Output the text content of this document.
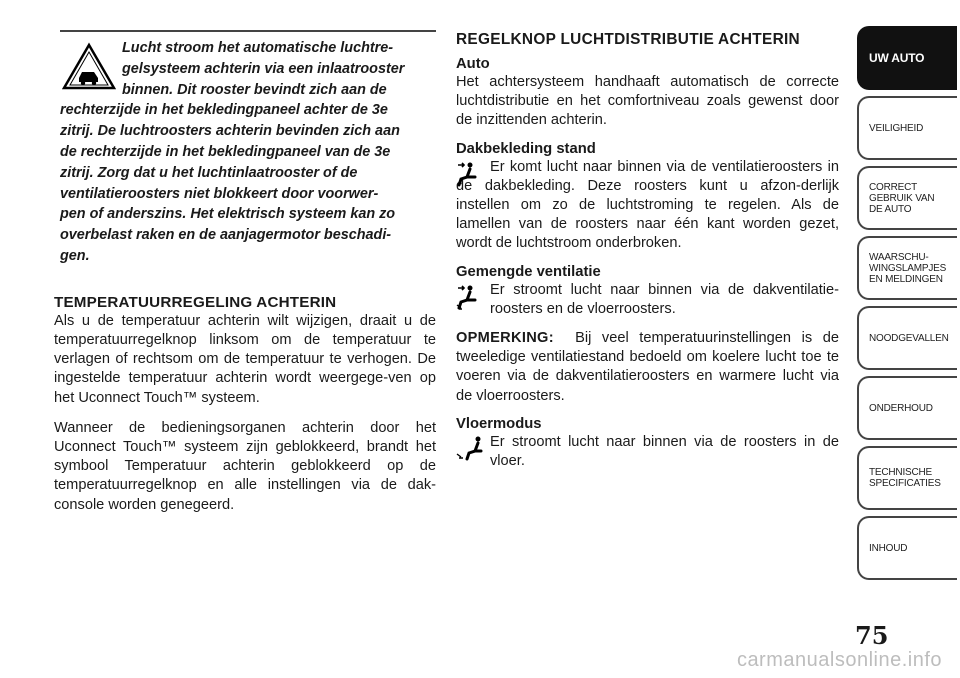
Lucht stroom het automatische luchtre-

gelsysteem achterin via een inlaatrooster

binnen. Dit rooster bevindt zich aan de

rechterzijde in het bekledingpaneel achter de 3e

zitrij. De luchtroosters achterin bevinden zich aan

de rechterzijde in het bekledingpaneel van de 3e

zitrij. Zorg dat u het luchtinlaatrooster of de

ventilatieroosters niet blokkeert door voorwer-

pen of anderszins. Het elektrisch systeem kan zo

overbelast raken en de aanjagermotor beschadi-

gen.

TEMPERATUURREGELING ACHTERIN

Als u de temperatuur achterin wilt wijzigen, draait u de temperatuurregelknop linksom om de temperatuur te verlagen of rechtsom om de temperatuur te verhogen. De ingestelde temperatuur achterin wordt weergege-ven op het Uconnect Touch™ systeem.

Wanneer de bedieningsorganen achterin door het Uconnect Touch™ systeem zijn geblokkeerd, brandt het symbool Temperatuur achterin geblokkeerd op de temperatuurregelknop en alle instellingen via de dak-console worden genegeerd.

REGELKNOP LUCHTDISTRIBUTIE ACHTERIN
Auto

Het achtersysteem handhaaft automatisch de correcte luchtdistributie en het comfortniveau zoals gewenst door de inzittenden achterin.

Dakbekleding stand

Er komt lucht naar binnen via de ventilatieroosters in de dakbekleding. Deze roosters kunt u afzon-derlijk instellen om zo de luchtstroming te regelen. Als de lamellen van de roosters naar één kant worden gezet, wordt de luchtstroom onderbroken.

Gemengde ventilatie

Er stroomt lucht naar binnen via de dakventilatie-roosters en de vloerroosters.

OPMERKING: Bij veel temperatuurinstellingen is de tweeledige ventilatiestand bedoeld om koelere lucht toe te voeren via de dakventilatieroosters en warmere lucht via de vloerroosters.

Vloermodus

Er stroomt lucht naar binnen via de roosters in de vloer.

UW AUTO
VEILIGHEID
CORRECT
GEBRUIK VAN
DE AUTO
WAARSCHU-
WINGSLAMPJES
EN MELDINGEN
NOODGEVALLEN
ONDERHOUD
TECHNISCHE
SPECIFICATIES
INHOUD
75
carmanualsonline.info
